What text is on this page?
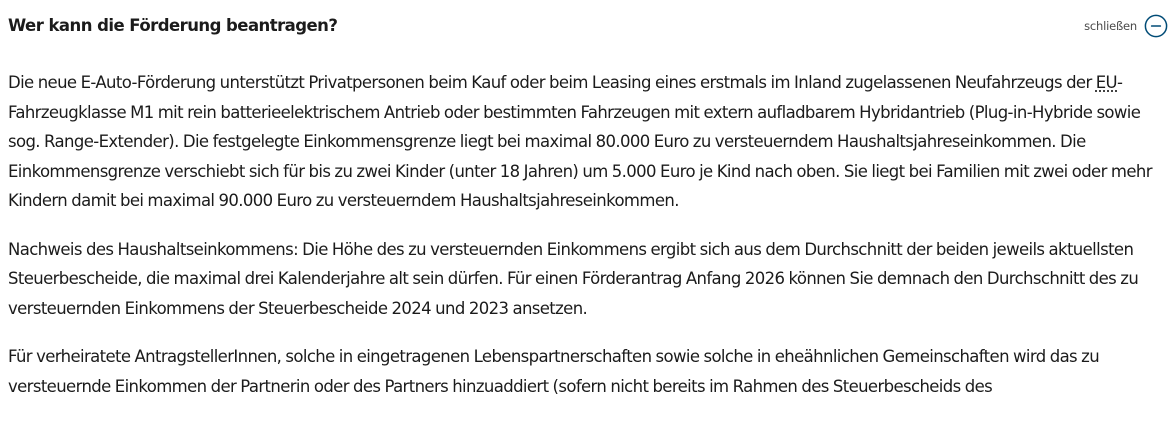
Wer kann die Förderung beantragen?	schließen

Die neue E-Auto-Förderung unterstützt Privatpersonen beim Kauf oder beim Leasing eines erstmals im Inland zugelassenen Neufahrzeugs der EU-Fahrzeugklasse M1 mit rein batterieelektrischem Antrieb oder bestimmten Fahrzeugen mit extern aufladbarem Hybridantrieb (Plug-in-Hybride sowie sog. Range-Extender). Die festgelegte Einkommensgrenze liegt bei maximal 80.000 Euro zu versteuerndem Haushaltsjahreseinkommen. Die Einkommensgrenze verschiebt sich für bis zu zwei Kinder (unter 18 Jahren) um 5.000 Euro je Kind nach oben. Sie liegt bei Familien mit zwei oder mehr Kindern damit bei maximal 90.000 Euro zu versteuerndem Haushaltsjahreseinkommen.

Nachweis des Haushaltseinkommens: Die Höhe des zu versteuernden Einkommens ergibt sich aus dem Durchschnitt der beiden jeweils aktuellsten Steuerbescheide, die maximal drei Kalenderjahre alt sein dürfen. Für einen Förderantrag Anfang 2026 können Sie demnach den Durchschnitt des zu versteuernden Einkommens der Steuerbescheide 2024 und 2023 ansetzen.

Für verheiratete AntragstellerInnen, solche in eingetragenen Lebenspartnerschaften sowie solche in eheähnlichen Gemeinschaften wird das zu versteuernde Einkommen der Partnerin oder des Partners hinzuaddiert (sofern nicht bereits im Rahmen des Steuerbescheids des
